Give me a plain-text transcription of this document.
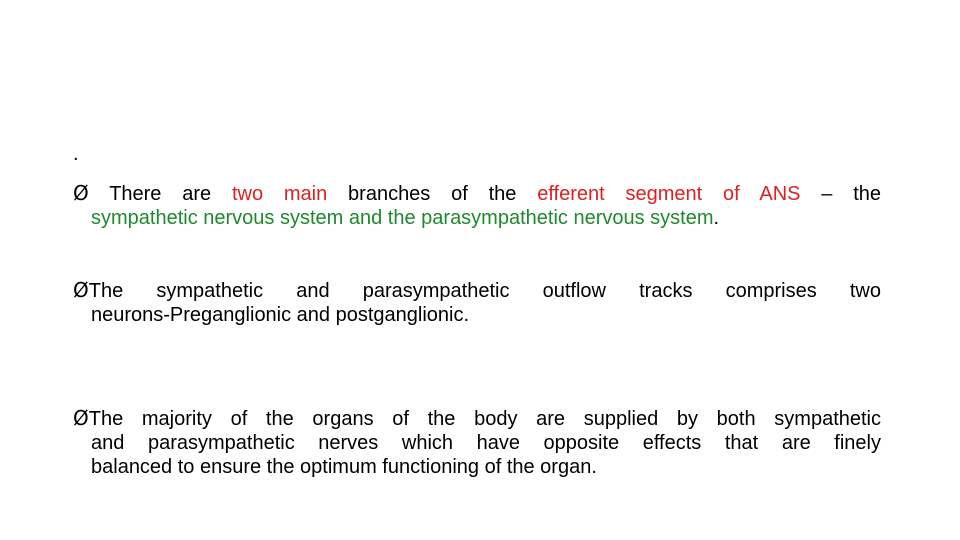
.
Ø There are two main branches of the efferent segment of ANS – the
sympathetic nervous system and the parasympathetic nervous system.
ØThe sympathetic and parasympathetic outflow tracks comprises two
neurons-Preganglionic and postganglionic.
ØThe majority of the organs of the body are supplied by both sympathetic
and parasympathetic nerves which have opposite effects that are finely
balanced to ensure the optimum functioning of the organ.
